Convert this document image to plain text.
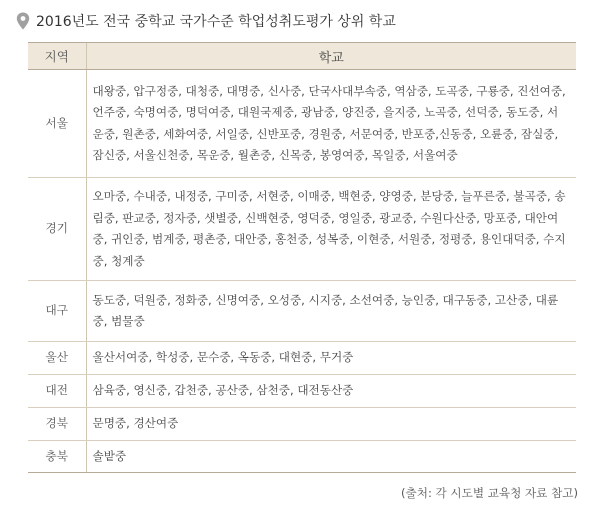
2016년도 전국 중학교 국가수준 학업성취도평가 상위 학교
지역	학교
서울	대왕중, 압구정중, 대청중, 대명중, 신사중, 단국사대부속중, 역삼중, 도곡중, 구룡중, 진선여중, 언주중, 숙명여중, 명덕여중, 대원국제중, 광남중, 양진중, 을지중, 노곡중, 선덕중, 동도중, 서운중, 원촌중, 세화여중, 서일중, 신반포중, 경원중, 서문여중, 반포중,신동중, 오륜중, 잠실중, 잠신중, 서울신천중, 목운중, 월촌중, 신목중, 봉영여중, 목일중, 서울여중
경기	오마중, 수내중, 내정중, 구미중, 서현중, 이매중, 백현중, 양영중, 분당중, 늘푸른중, 불곡중, 송림중, 판교중, 정자중, 샛별중, 신백현중, 영덕중, 영일중, 광교중, 수원다산중, 망포중, 대안여중, 귀인중, 범계중, 평촌중, 대안중, 홍천중, 성복중, 이현중, 서원중, 정평중, 용인대덕중, 수지중, 청계중
대구	동도중, 덕원중, 정화중, 신명여중, 오성중, 시지중, 소선여중, 능인중, 대구동중, 고산중, 대륜중, 범물중
울산	울산서여중, 학성중, 문수중, 옥동중, 대현중, 무거중
대전	삼육중, 영신중, 갑천중, 공산중, 삼천중, 대전동산중
경북	문명중, 경산여중
충북	솔밭중
(출처: 각 시도별 교육청 자료 참고)
